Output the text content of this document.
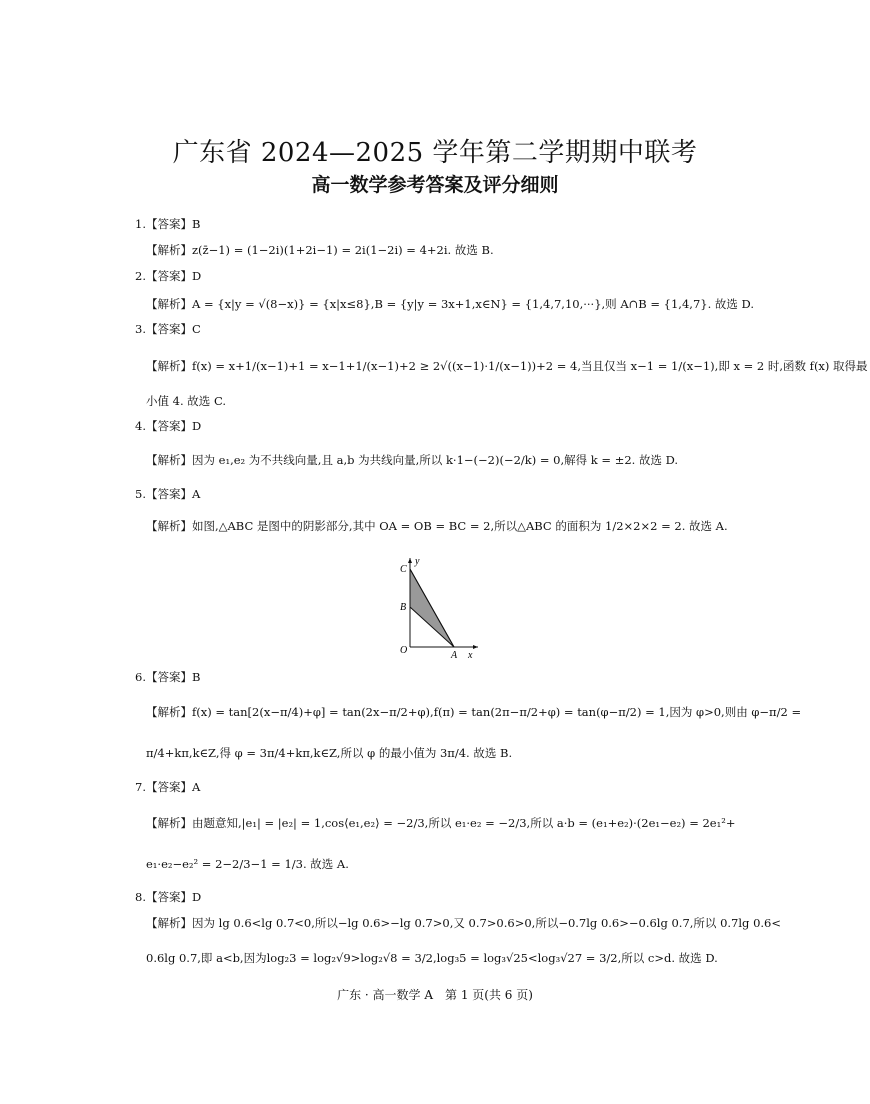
广东省 2024—2025 学年第二学期期中联考
高一数学参考答案及评分细则
1.【答案】B
【解析】z(z̄−1) = (1−2i)(1+2i−1) = 2i(1−2i) = 4+2i. 故选 B.
2.【答案】D
【解析】A = {x|y = √(8−x)} = {x|x≤8},B = {y|y = 3x+1,x∈N} = {1,4,7,10,···},则 A∩B = {1,4,7}. 故选 D.
3.【答案】C
【解析】f(x) = x+1/(x−1)+1 = x−1+1/(x−1)+2 ≥ 2√((x−1)·1/(x−1))+2 = 4,当且仅当 x−1 = 1/(x−1),即 x = 2 时,函数 f(x) 取得最
小值 4. 故选 C.
4.【答案】D
【解析】因为 e₁,e₂ 为不共线向量,且 a,b 为共线向量,所以 k·1−(−2)(−2/k) = 0,解得 k = ±2. 故选 D.
5.【答案】A
【解析】如图,△ABC 是图中的阴影部分,其中 OA = OB = BC = 2,所以△ABC 的面积为 1/2×2×2 = 2. 故选 A.
C
B
O	A x
y
6.【答案】B
【解析】f(x) = tan[2(x−π/4)+φ] = tan(2x−π/2+φ),f(π) = tan(2π−π/2+φ) = tan(φ−π/2) = 1,因为 φ>0,则由 φ−π/2 =
π/4+kπ,k∈Z,得 φ = 3π/4+kπ,k∈Z,所以 φ 的最小值为 3π/4. 故选 B.
7.【答案】A
【解析】由题意知,|e₁| = |e₂| = 1,cos⟨e₁,e₂⟩ = −2/3,所以 e₁·e₂ = −2/3,所以 a·b = (e₁+e₂)·(2e₁−e₂) = 2e₁²+
e₁·e₂−e₂² = 2−2/3−1 = 1/3. 故选 A.
8.【答案】D
【解析】因为 lg 0.6<lg 0.7<0,所以−lg 0.6>−lg 0.7>0,又 0.7>0.6>0,所以−0.7lg 0.6>−0.6lg 0.7,所以 0.7lg 0.6<
0.6lg 0.7,即 a<b,因为log₂3 = log₂√9>log₂√8 = 3/2,log₃5 = log₃√25<log₃√27 = 3/2,所以 c>d. 故选 D.
广东 · 高一数学 A　第 1 页(共 6 页)
